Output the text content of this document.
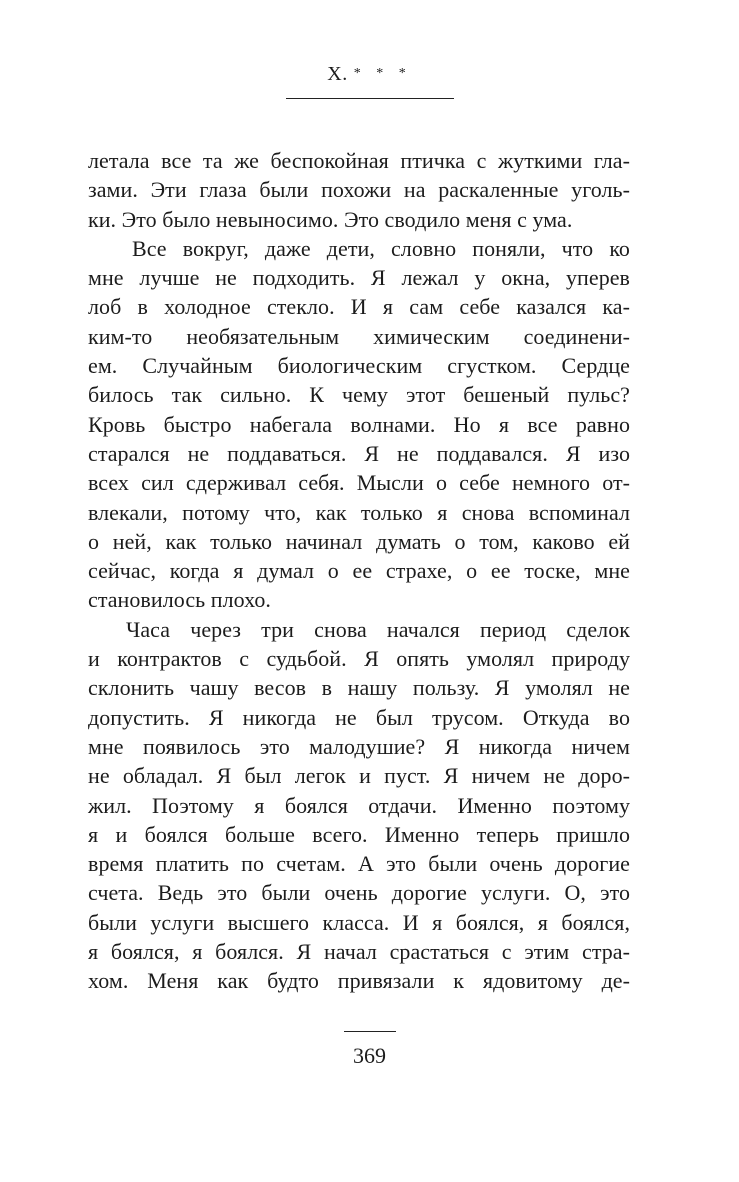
X. * * *
летала все та же беспокойная птичка с жуткими гла-
зами. Эти глаза были похожи на раскаленные уголь-
ки. Это было невыносимо. Это сводило меня с ума.
Все вокруг, даже дети, словно поняли, что ко
мне лучше не подходить. Я лежал у окна, уперев
лоб в холодное стекло. И я сам себе казался ка-
ким-то необязательным химическим соединени-
ем. Случайным биологическим сгустком. Сердце
билось так сильно. К чему этот бешеный пульс?
Кровь быстро набегала волнами. Но я все равно
старался не поддаваться. Я не поддавался. Я изо
всех сил сдерживал себя. Мысли о себе немного от-
влекали, потому что, как только я снова вспоминал
о ней, как только начинал думать о том, каково ей
сейчас, когда я думал о ее страхе, о ее тоске, мне
становилось плохо.
Часа через три снова начался период сделок
и контрактов с судьбой. Я опять умолял природу
склонить чашу весов в нашу пользу. Я умолял не
допустить. Я никогда не был трусом. Откуда во
мне появилось это малодушие? Я никогда ничем
не обладал. Я был легок и пуст. Я ничем не доро-
жил. Поэтому я боялся отдачи. Именно поэтому
я и боялся больше всего. Именно теперь пришло
время платить по счетам. А это были очень дорогие
счета. Ведь это были очень дорогие услуги. О, это
были услуги высшего класса. И я боялся, я боялся,
я боялся, я боялся. Я начал срастаться с этим стра-
хом. Меня как будто привязали к ядовитому де-
369
